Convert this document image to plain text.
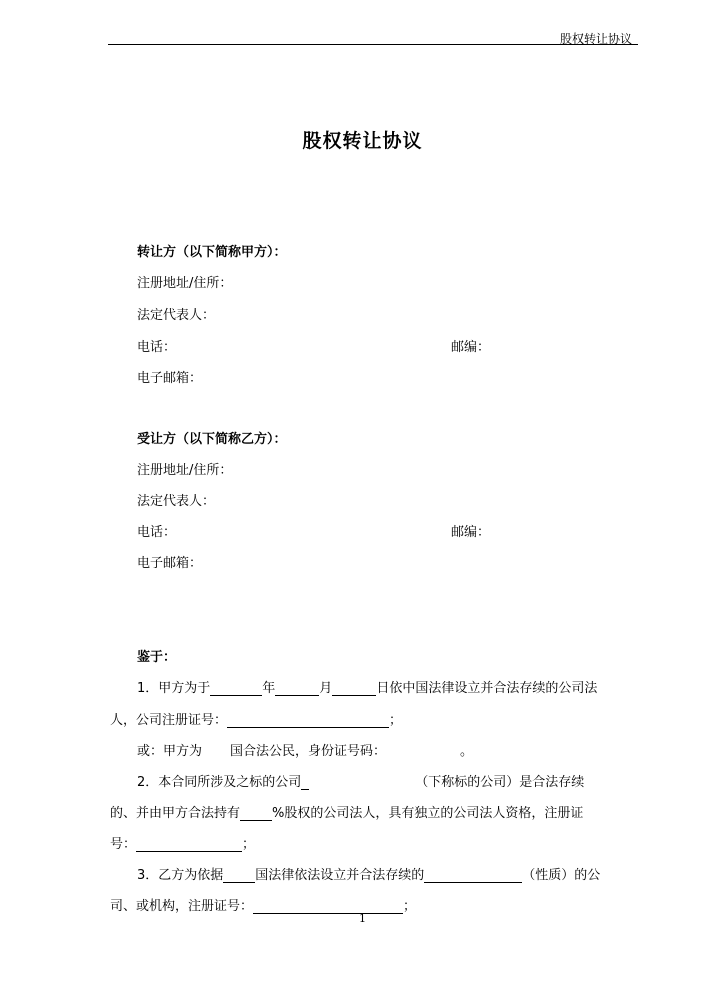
股权转让协议
股权转让协议
转让方（以下简称甲方）：
注册地址/住所：
法定代表人：
电话：	邮编：
电子邮箱：
受让方（以下简称乙方）：
注册地址/住所：
法定代表人：
电话：	邮编：
电子邮箱：
鉴于：
1．甲方为于	年	月	日依中国法律设立并合法存续的公司法
人，公司注册证号：	；
或：甲方为 国合法公民，身份证号码：	。
2．本合同所涉及之标的公司	（下称标的公司）是合法存续
的、并由甲方合法持有 %股权的公司法人，具有独立的公司法人资格，注册证
号：	；
3．乙方为依据 国法律依法设立并合法存续的	（性质）的公
司、或机构，注册证号：	；
1
